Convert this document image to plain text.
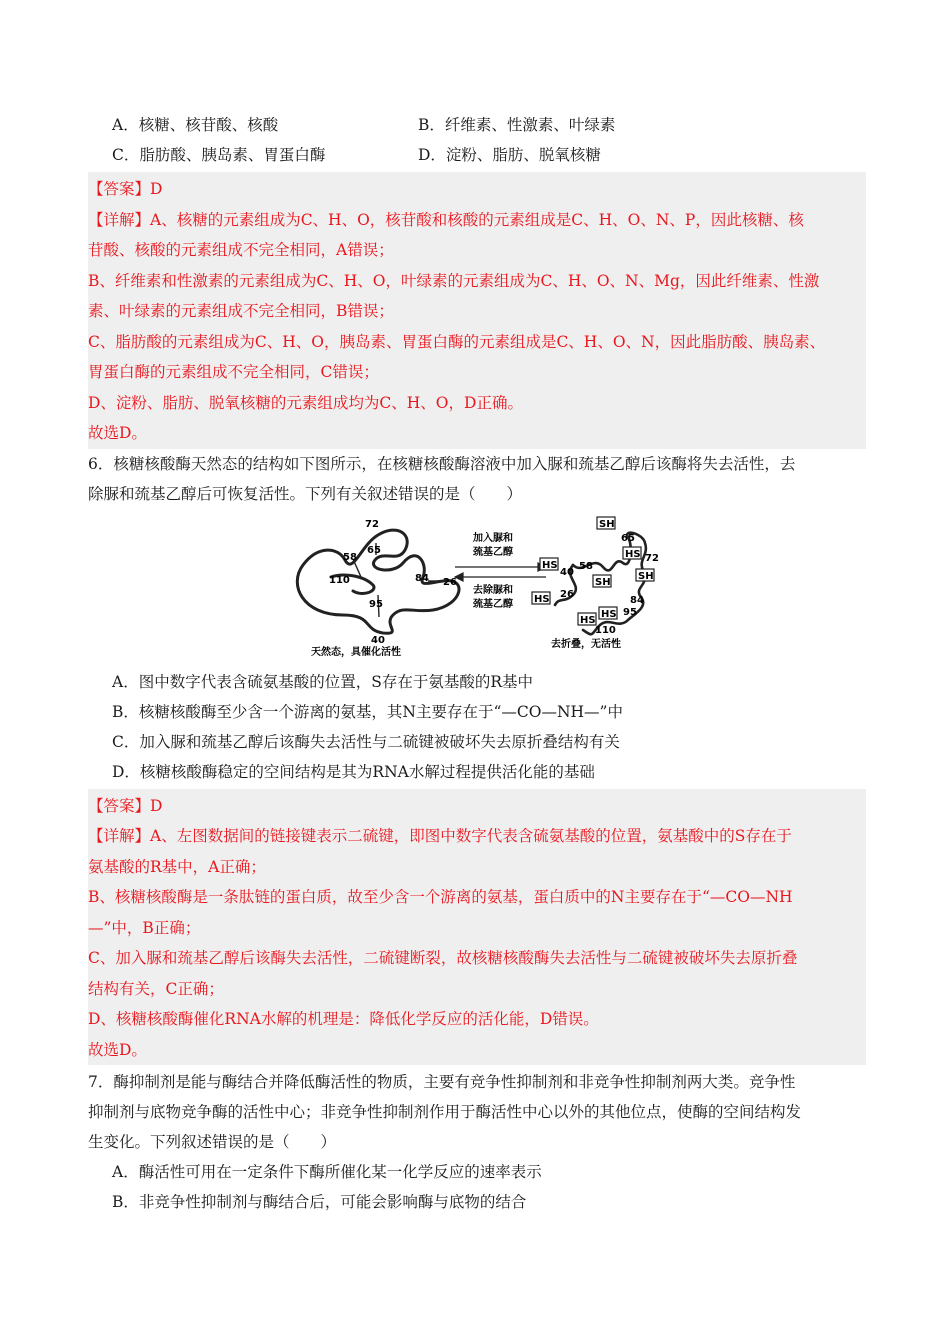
A．核糖、核苷酸、核酸	B．纤维素、性激素、叶绿素
C．脂肪酸、胰岛素、胃蛋白酶	D．淀粉、脂肪、脱氧核糖
【答案】D
【详解】A、核糖的元素组成为C、H、O，核苷酸和核酸的元素组成是C、H、O、N、P，因此核糖、核
苷酸、核酸的元素组成不完全相同，A错误；
B、纤维素和性激素的元素组成为C、H、O，叶绿素的元素组成为C、H、O、N、Mg，因此纤维素、性激
素、叶绿素的元素组成不完全相同，B错误；
C、脂肪酸的元素组成为C、H、O，胰岛素、胃蛋白酶的元素组成是C、H、O、N，因此脂肪酸、胰岛素、
胃蛋白酶的元素组成不完全相同，C错误；
D、淀粉、脂肪、脱氧核糖的元素组成均为C、H、O，D正确。
故选D。
6．核糖核酸酶天然态的结构如下图所示，在核糖核酸酶溶液中加入脲和巯基乙醇后该酶将失去活性，去
除脲和巯基乙醇后可恢复活性。下列有关叙述错误的是（　　）
72
65
58
110	84 26
95
40
天然态，具催化活性
加入脲和
巯基乙醇
去除脲和
巯基乙醇
SH
HS
HS
SH
SH
HS
HS
HS
65
72
40
58
26
84
95
110
去折叠，无活性
A．图中数字代表含硫氨基酸的位置，S存在于氨基酸的R基中
B．核糖核酸酶至少含一个游离的氨基，其N主要存在于“—CO—NH—”中
C．加入脲和巯基乙醇后该酶失去活性与二硫键被破坏失去原折叠结构有关
D．核糖核酸酶稳定的空间结构是其为RNA水解过程提供活化能的基础
【答案】D
【详解】A、左图数据间的链接键表示二硫键，即图中数字代表含硫氨基酸的位置，氨基酸中的S存在于
氨基酸的R基中，A正确；
B、核糖核酸酶是一条肽链的蛋白质，故至少含一个游离的氨基，蛋白质中的N主要存在于“—CO—NH
—”中，B正确；
C、加入脲和巯基乙醇后该酶失去活性，二硫键断裂，故核糖核酸酶失去活性与二硫键被破坏失去原折叠
结构有关，C正确；
D、核糖核酸酶催化RNA水解的机理是：降低化学反应的活化能，D错误。
故选D。
7．酶抑制剂是能与酶结合并降低酶活性的物质，主要有竞争性抑制剂和非竞争性抑制剂两大类。竞争性
抑制剂与底物竞争酶的活性中心；非竞争性抑制剂作用于酶活性中心以外的其他位点，使酶的空间结构发
生变化。下列叙述错误的是（　　）
A．酶活性可用在一定条件下酶所催化某一化学反应的速率表示
B．非竞争性抑制剂与酶结合后，可能会影响酶与底物的结合
